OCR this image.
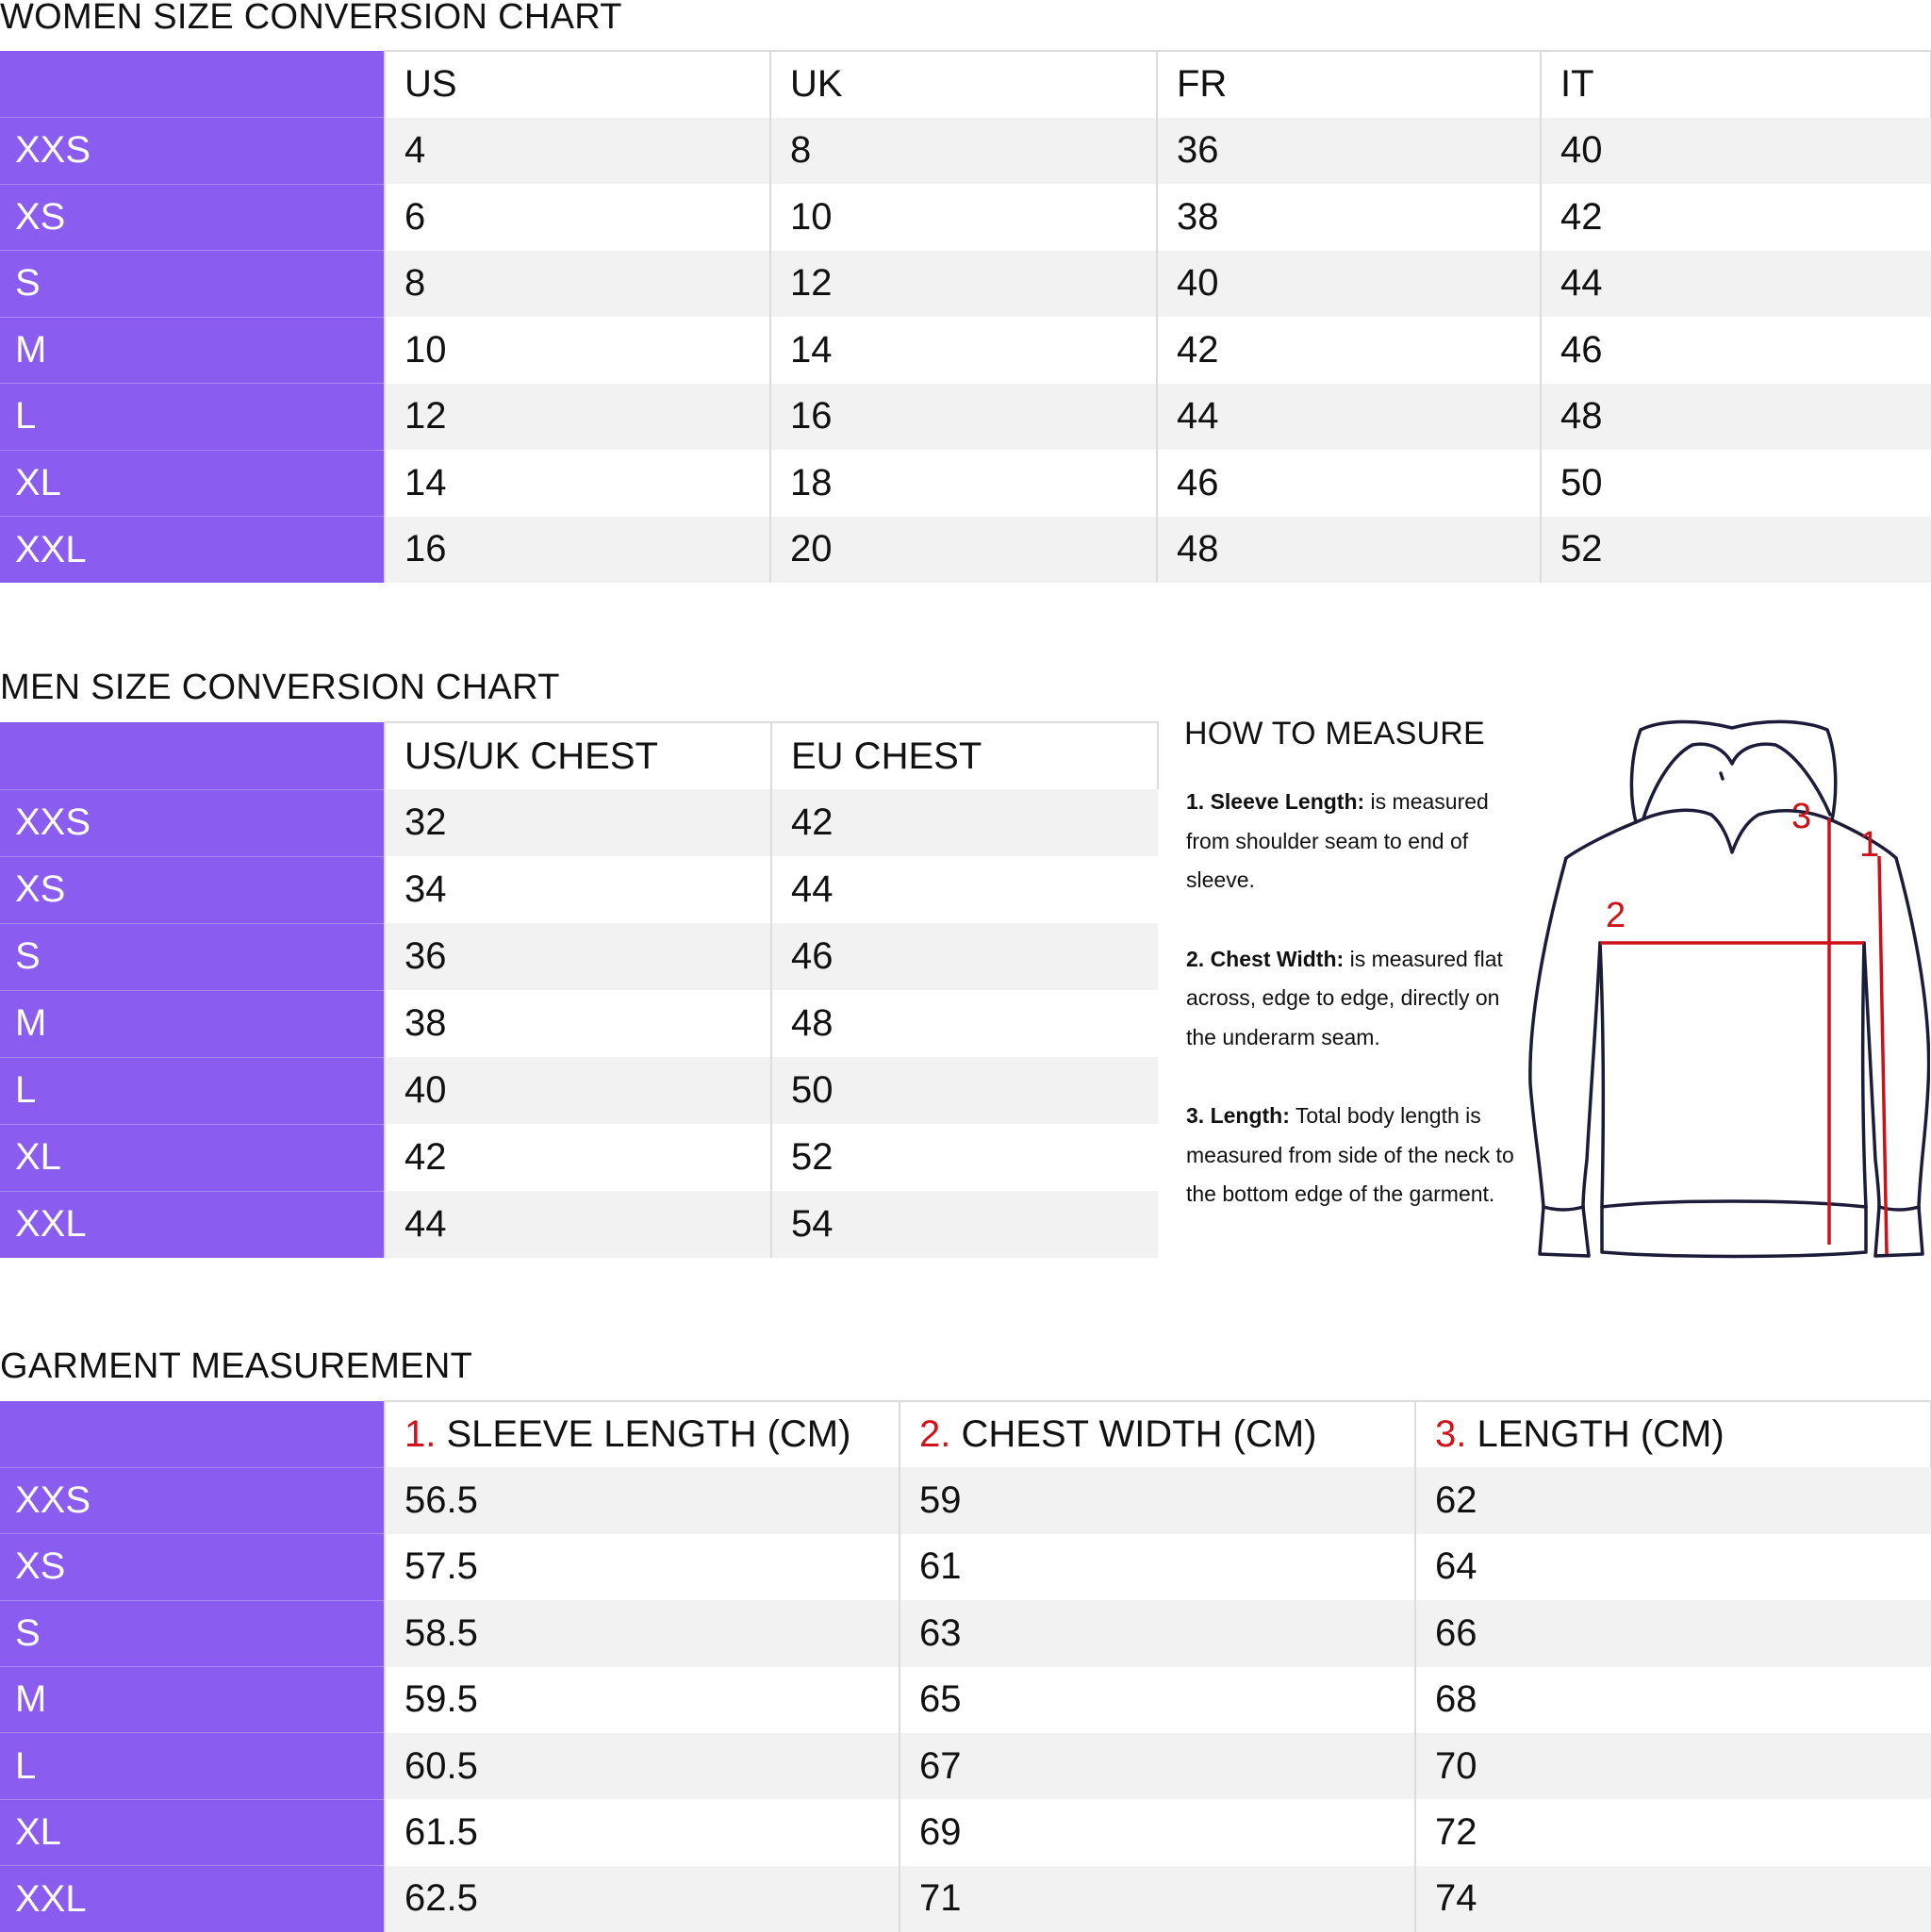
WOMEN SIZE CONVERSION CHART
	US	UK	FR	IT
XXS	4	8	36	40
XS	6	10	38	42
S	8	12	40	44
M	10	14	42	46
L	12	16	44	48
XL	14	18	46	50
XXL	16	20	48	52
MEN SIZE CONVERSION CHART
	US/UK CHEST	EU CHEST
XXS	32	42
XS	34	44
S	36	46
M	38	48
L	40	50
XL	42	52
XXL	44	54
HOW TO MEASURE

1. Sleeve Length: is measured from shoulder seam to end of sleeve.

2. Chest Width: is measured flat across, edge to edge, directly on the underarm seam.

3. Length: Total body length is measured from side of the neck to the bottom edge of the garment.

1
2
3
GARMENT MEASUREMENT
	1. SLEEVE LENGTH (CM)	2. CHEST WIDTH (CM)	3. LENGTH (CM)
XXS	56.5	59	62
XS	57.5	61	64
S	58.5	63	66
M	59.5	65	68
L	60.5	67	70
XL	61.5	69	72
XXL	62.5	71	74
